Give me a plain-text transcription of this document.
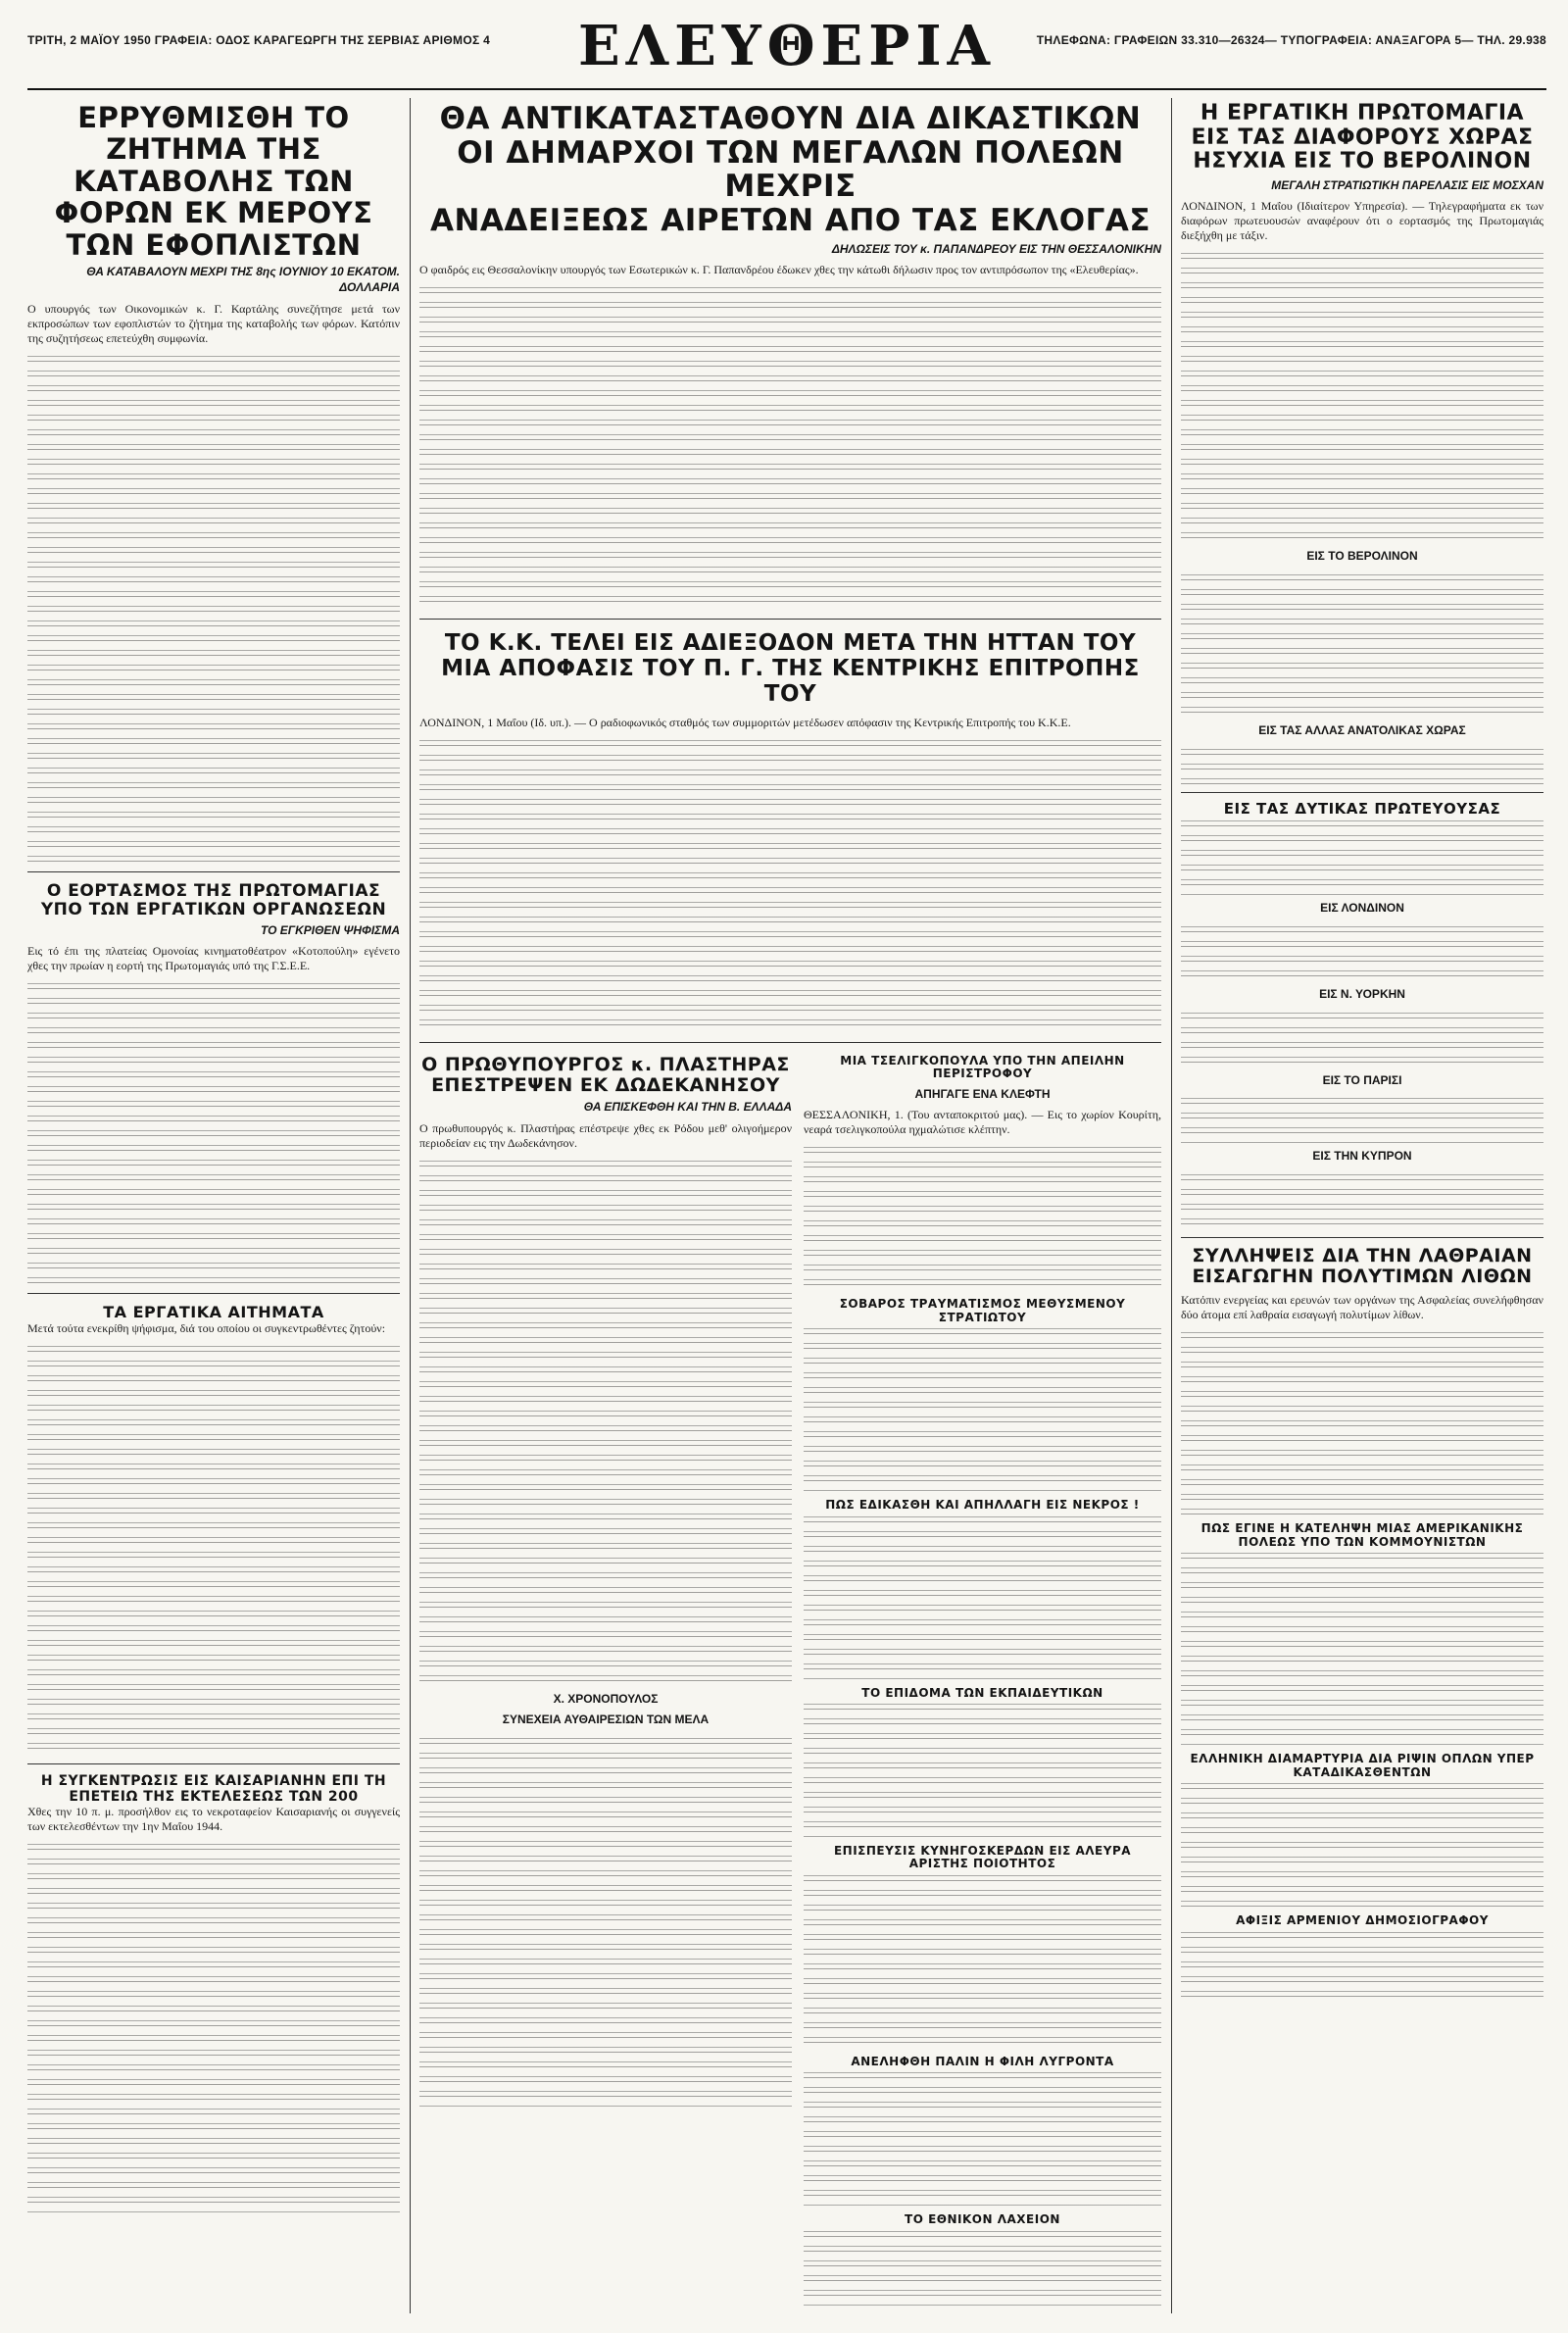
ΤΡΙΤΗ, 2 ΜΑΪΟΥ 1950 ΓΡΑΦΕΙΑ: ΟΔΟΣ ΚΑΡΑΓΕΩΡΓΗ ΤΗΣ ΣΕΡΒΙΑΣ ΑΡΙΘΜΟΣ 4	ΕΛΕΥΘΕΡΙΑ	ΤΗΛΕΦΩΝΑ: ΓΡΑΦΕΙΩΝ 33.310—26324— ΤΥΠΟΓΡΑΦΕΙΑ: ΑΝΑΞΑΓΟΡΑ 5— ΤΗΛ. 29.938
ΕΡΡΥΘΜΙΣΘΗ ΤΟ ΖΗΤΗΜΑ ΤΗΣ ΚΑΤΑΒΟΛΗΣ ΤΩΝ ΦΟΡΩΝ ΕΚ ΜΕΡΟΥΣ ΤΩΝ ΕΦΟΠΛΙΣΤΩΝ
ΘΑ ΚΑΤΑΒΑΛΟΥΝ ΜΕΧΡΙ ΤΗΣ 8ης ΙΟΥΝΙΟΥ 10 ΕΚΑΤΟΜ. ΔΟΛΛΑΡΙΑ

Ο υπουργός των Οικονομικών κ. Γ. Καρτάλης συνεζήτησε μετά των εκπροσώπων των εφοπλιστών το ζήτημα της καταβολής των φόρων. Κατόπιν της συζητήσεως επετεύχθη συμφωνία.

Ο ΕΟΡΤΑΣΜΟΣ ΤΗΣ ΠΡΩΤΟΜΑΓΙΑΣ ΥΠΟ ΤΩΝ ΕΡΓΑΤΙΚΩΝ ΟΡΓΑΝΩΣΕΩΝ
ΤΟ ΕΓΚΡΙΘΕΝ ΨΗΦΙΣΜΑ

Εις τό έπι της πλατείας Ομονοίας κινηματοθέατρον «Κοτοπούλη» εγένετο χθες την πρωίαν η εορτή της Πρωτομαγιάς υπό της Γ.Σ.Ε.Ε.

ΤΑ ΕΡΓΑΤΙΚΑ ΑΙΤΗΜΑΤΑ

Μετά τούτα ενεκρίθη ψήφισμα, διά του οποίου οι συγκεντρωθέντες ζητούν:

Η ΣΥΓΚΕΝΤΡΩΣΙΣ ΕΙΣ ΚΑΙΣΑΡΙΑΝΗΝ ΕΠΙ ΤΗ ΕΠΕΤΕΙΩ ΤΗΣ ΕΚΤΕΛΕΣΕΩΣ ΤΩΝ 200

Χθες την 10 π. μ. προσήλθον εις το νεκροταφείον Καισαριανής οι συγγενείς των εκτελεσθέντων την 1ην Μαΐου 1944.

ΘΑ ΑΝΤΙΚΑΤΑΣΤΑΘΟΥΝ ΔΙΑ ΔΙΚΑΣΤΙΚΩΝ
ΟΙ ΔΗΜΑΡΧΟΙ ΤΩΝ ΜΕΓΑΛΩΝ ΠΟΛΕΩΝ ΜΕΧΡΙΣ
ΑΝΑΔΕΙΞΕΩΣ ΑΙΡΕΤΩΝ ΑΠΟ ΤΑΣ ΕΚΛΟΓΑΣ
ΔΗΛΩΣΕΙΣ ΤΟΥ κ. ΠΑΠΑΝΔΡΕΟΥ ΕΙΣ ΤΗΝ ΘΕΣΣΑΛΟΝΙΚΗΝ

Ο φαιδρός εις Θεσσαλονίκην υπουργός των Εσωτερικών κ. Γ. Παπανδρέου έδωκεν χθες την κάτωθι δήλωσιν προς τον αντιπρόσωπον της «Ελευθερίας».

ΤΟ Κ.Κ. ΤΕΛΕΙ ΕΙΣ ΑΔΙΕΞΟΔΟΝ ΜΕΤΑ ΤΗΝ ΗΤΤΑΝ ΤΟΥ
ΜΙΑ ΑΠΟΦΑΣΙΣ ΤΟΥ Π. Γ. ΤΗΣ ΚΕΝΤΡΙΚΗΣ ΕΠΙΤΡΟΠΗΣ ΤΟΥ

ΛΟΝΔΙΝΟΝ, 1 Μαΐου (Ιδ. υπ.). — Ο ραδιοφωνικός σταθμός των συμμοριτών μετέδωσεν απόφασιν της Κεντρικής Επιτροπής του Κ.Κ.Ε.

Ο ΠΡΩΘΥΠΟΥΡΓΟΣ κ. ΠΛΑΣΤΗΡΑΣ ΕΠΕΣΤΡΕΨΕΝ ΕΚ ΔΩΔΕΚΑΝΗΣΟΥ
ΘΑ ΕΠΙΣΚΕΦΘΗ ΚΑΙ ΤΗΝ Β. ΕΛΛΑΔΑ

Ο πρωθυπουργός κ. Πλαστήρας επέστρεψε χθες εκ Ρόδου μεθ' ολιγοήμερον περιοδείαν εις την Δωδεκάνησον.

Χ. ΧΡΟΝΟΠΟΥΛΟΣ
ΣΥΝΕΧΕΙΑ ΑΥΘΑΙΡΕΣΙΩΝ ΤΩΝ ΜΕΛΑ
ΜΙΑ ΤΣΕΛΙΓΚΟΠΟΥΛΑ ΥΠΟ ΤΗΝ ΑΠΕΙΛΗΝ ΠΕΡΙΣΤΡΟΦΟΥ
ΑΠΗΓΑΓΕ ΕΝΑ ΚΛΕΦΤΗ

ΘΕΣΣΑΛΟΝΙΚΗ, 1. (Του ανταποκριτού μας). — Εις το χωρίον Κουρίτη, νεαρά τσελιγκοπούλα ηχμαλώτισε κλέπτην.

ΣΟΒΑΡΟΣ ΤΡΑΥΜΑΤΙΣΜΟΣ ΜΕΘΥΣΜΕΝΟΥ ΣΤΡΑΤΙΩΤΟΥ
ΠΩΣ ΕΔΙΚΑΣΘΗ ΚΑΙ ΑΠΗΛΛΑΓΗ ΕΙΣ ΝΕΚΡΟΣ !
ΤΟ ΕΠΙΔΟΜΑ ΤΩΝ ΕΚΠΑΙΔΕΥΤΙΚΩΝ
ΕΠΙΣΠΕΥΣΙΣ ΚΥΝΗΓΟΣΚΕΡΔΩΝ ΕΙΣ ΑΛΕΥΡΑ ΑΡΙΣΤΗΣ ΠΟΙΟΤΗΤΟΣ
ΑΝΕΛΗΦΘΗ ΠΑΛΙΝ Η ΦΙΛΗ ΛΥΓΡΟΝΤΑ
ΤΟ ΕΘΝΙΚΟΝ ΛΑΧΕΙΟΝ
Η ΕΡΓΑΤΙΚΗ ΠΡΩΤΟΜΑΓΙΑ ΕΙΣ ΤΑΣ ΔΙΑΦΟΡΟΥΣ ΧΩΡΑΣ ΗΣΥΧΙΑ ΕΙΣ ΤΟ ΒΕΡΟΛΙΝΟΝ
ΜΕΓΑΛΗ ΣΤΡΑΤΙΩΤΙΚΗ ΠΑΡΕΛΑΣΙΣ ΕΙΣ ΜΟΣΧΑΝ

ΛΟΝΔΙΝΟΝ, 1 Μαΐου (Ιδιαίτερον Υπηρεσία). — Τηλεγραφήματα εκ των διαφόρων πρωτευουσών αναφέρουν ότι ο εορτασμός της Πρωτομαγιάς διεξήχθη με τάξιν.

ΕΙΣ ΤΟ ΒΕΡΟΛΙΝΟΝ
ΕΙΣ ΤΑΣ ΑΛΛΑΣ ΑΝΑΤΟΛΙΚΑΣ ΧΩΡΑΣ
ΕΙΣ ΤΑΣ ΔΥΤΙΚΑΣ ΠΡΩΤΕΥΟΥΣΑΣ
ΕΙΣ ΛΟΝΔΙΝΟΝ
ΕΙΣ Ν. ΥΟΡΚΗΝ
ΕΙΣ ΤΟ ΠΑΡΙΣΙ
ΕΙΣ ΤΗΝ ΚΥΠΡΟΝ
ΣΥΛΛΗΨΕΙΣ ΔΙΑ ΤΗΝ ΛΑΘΡΑΙΑΝ ΕΙΣΑΓΩΓΗΝ ΠΟΛΥΤΙΜΩΝ ΛΙΘΩΝ

Κατόπιν ενεργείας και ερευνών των οργάνων της Ασφαλείας συνελήφθησαν δύο άτομα επί λαθραία εισαγωγή πολυτίμων λίθων.

ΠΩΣ ΕΓΙΝΕ Η ΚΑΤΕΛΗΨΗ ΜΙΑΣ ΑΜΕΡΙΚΑΝΙΚΗΣ ΠΟΛΕΩΣ ΥΠΟ ΤΩΝ ΚΟΜΜΟΥΝΙΣΤΩΝ
ΕΛΛΗΝΙΚΗ ΔΙΑΜΑΡΤΥΡΙΑ ΔΙΑ ΡΙΨΙΝ ΟΠΛΩΝ ΥΠΕΡ ΚΑΤΑΔΙΚΑΣΘΕΝΤΩΝ
ΑΦΙΞΙΣ ΑΡΜΕΝΙΟΥ ΔΗΜΟΣΙΟΓΡΑΦΟΥ
